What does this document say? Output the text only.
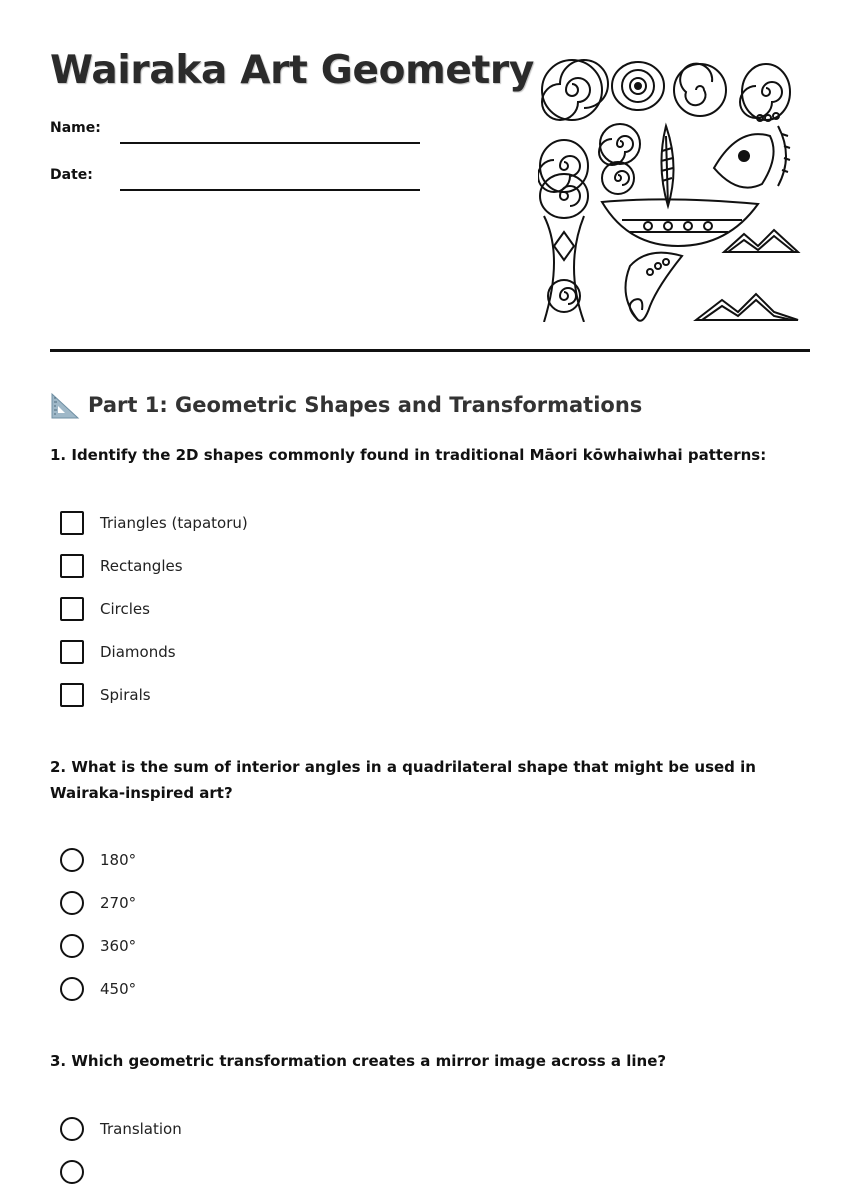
Wairaka Art Geometry
Name:
Date:
Part 1: Geometric Shapes and Transformations

1. Identify the 2D shapes commonly found in traditional Māori kōwhaiwhai patterns:

Triangles (tapatoru)
Rectangles
Circles
Diamonds
Spirals

2. What is the sum of interior angles in a quadrilateral shape that might be used in Wairaka-inspired art?

180°
270°
360°
450°

3. Which geometric transformation creates a mirror image across a line?

Translation
